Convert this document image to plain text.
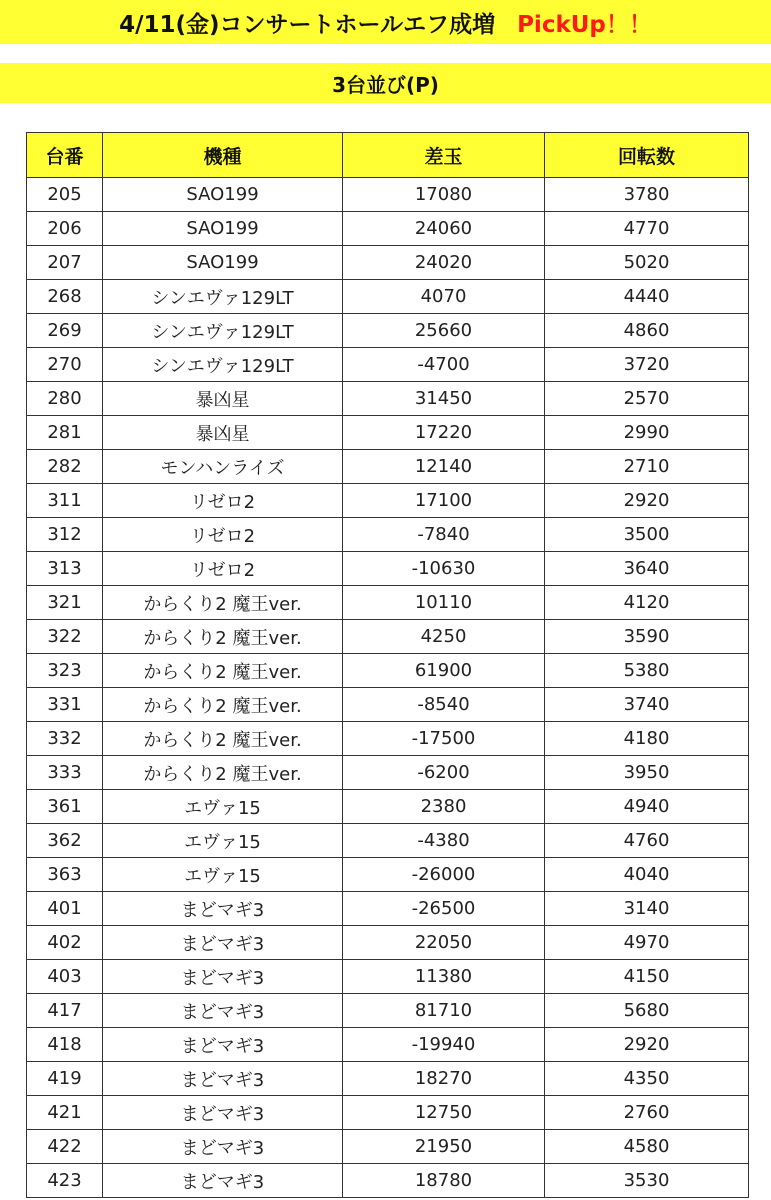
4/11(金)コンサートホールエフ成増 PickUp！！
3台並び(P)
台番	機種	差玉	回転数
205	SAO199	17080	3780
206	SAO199	24060	4770
207	SAO199	24020	5020
268	シンエヴァ129LT	4070	4440
269	シンエヴァ129LT	25660	4860
270	シンエヴァ129LT	-4700	3720
280	暴凶星	31450	2570
281	暴凶星	17220	2990
282	モンハンライズ	12140	2710
311	リゼロ2	17100	2920
312	リゼロ2	-7840	3500
313	リゼロ2	-10630	3640
321	からくり2 魔王ver.	10110	4120
322	からくり2 魔王ver.	4250	3590
323	からくり2 魔王ver.	61900	5380
331	からくり2 魔王ver.	-8540	3740
332	からくり2 魔王ver.	-17500	4180
333	からくり2 魔王ver.	-6200	3950
361	エヴァ15	2380	4940
362	エヴァ15	-4380	4760
363	エヴァ15	-26000	4040
401	まどマギ3	-26500	3140
402	まどマギ3	22050	4970
403	まどマギ3	11380	4150
417	まどマギ3	81710	5680
418	まどマギ3	-19940	2920
419	まどマギ3	18270	4350
421	まどマギ3	12750	2760
422	まどマギ3	21950	4580
423	まどマギ3	18780	3530
